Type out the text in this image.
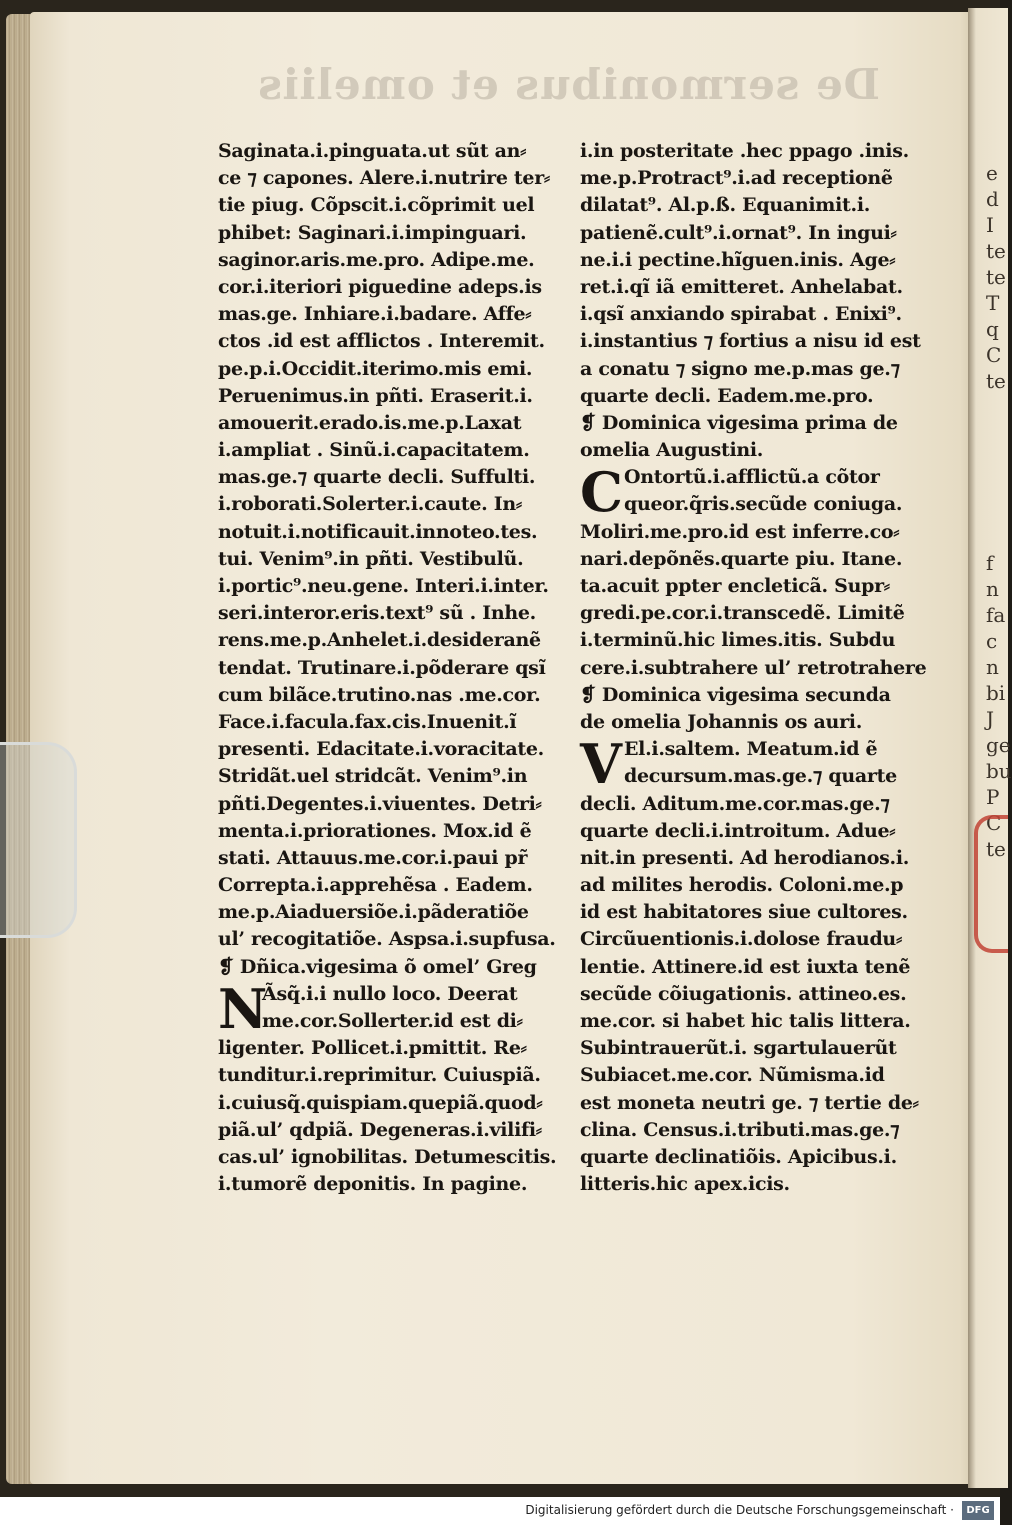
e
d
I
te
te
T
q
C
te
f
n
fa
c
n
bi
J
ge
bu
P
C
te
De sermonibus et omeliis
Saginata.i.pinguata.ut sũt an⸗
ce ⁊ capones. Alere.i.nutrire ter⸗
tie piug. Cõpscit.i.cõprimit uel
phibet: Saginari.i.impinguari.
saginor.aris.me.pro. Adipe.me.
cor.i.iteriori piguedine adeps.is
mas.ge. Inhiare.i.badare. Affe⸗
ctos .id est afflictos . Interemit.
pe.p.i.Occidit.iterimo.mis emi.
Peruenimus.in pñti. Eraserit.i.
amouerit.erado.is.me.p.Laxat
i.ampliat . Sinũ.i.capacitatem.
mas.ge.⁊ quarte decli. Suffulti.
i.roborati.Solerter.i.caute. In⸗
notuit.i.notificauit.innoteo.tes.
tui. Venim⁹.in pñti. Vestibulũ.
i.portic⁹.neu.gene. Interi.i.inter.
seri.interor.eris.text⁹ sũ . Inhe.
rens.me.p.Anhelet.i.desideranẽ
tendat. Trutinare.i.põderare qsĩ
cum bilãce.trutino.nas .me.cor.
Face.i.facula.fax.cis.Inuenit.ĩ
presenti. Edacitate.i.voracitate.
Stridãt.uel stridcãt. Venim⁹.in
pñti.Degentes.i.viuentes. Detri⸗
menta.i.priorationes. Mox.id ẽ
stati. Attauus.me.cor.i.paui pr̃
Correpta.i.apprehẽsa . Eadem.
me.p.Aiaduersiõe.i.pãderatiõe
ul’ recogitatiõe. Aspsa.i.supfusa.
❡ Dñica.vigesima õ omel’ Greg
N
Ãsq̃.i.i nullo loco. Deerat
me.cor.Sollerter.id est di⸗
ligenter. Pollicet.i.pmittit. Re⸗
tunditur.i.reprimitur. Cuiuspiã.
i.cuiusq̃.quispiam.quepiã.quod⸗
piã.ul’ qdpiã. Degeneras.i.vilifi⸗
cas.ul’ ignobilitas. Detumescitis.
i.tumorẽ deponitis. In pagine.
i.in posteritate .hec ppago .inis.
me.p.Protract⁹.i.ad receptionẽ
dilatat⁹. Al.p.ß. Equanimit.i.
patienẽ.cult⁹.i.ornat⁹. In ingui⸗
ne.i.i pectine.hĩguen.inis. Age⸗
ret.i.qĩ iã emitteret. Anhelabat.
i.qsĩ anxiando spirabat . Enixi⁹.
i.instantius ⁊ fortius a nisu id est
a conatu ⁊ signo me.p.mas ge.⁊
quarte decli. Eadem.me.pro.
❡ Dominica vigesima prima de
omelia Augustini.
C Ontortũ.i.afflictũ.a cõtor
queor.q̃ris.secũde coniuga.
Moliri.me.pro.id est inferre.co⸗
nari.depõnẽs.quarte piu. Itane.
ta.acuit ppter encleticã. Supr⸗
gredi.pe.cor.i.transcedẽ. Limitẽ
i.terminũ.hic limes.itis. Subdu
cere.i.subtrahere ul’ retrotrahere
❡ Dominica vigesima secunda
de omelia Johannis os auri.
V El.i.saltem. Meatum.id ẽ
decursum.mas.ge.⁊ quarte
decli. Aditum.me.cor.mas.ge.⁊
quarte decli.i.introitum. Adue⸗
nit.in presenti. Ad herodianos.i.
ad milites herodis. Coloni.me.p
id est habitatores siue cultores.
Circũuentionis.i.dolose fraudu⸗
lentie. Attinere.id est iuxta tenẽ
secũde cõiugationis. attineo.es.
me.cor. si habet hic talis littera.
Subintrauerũt.i. sgartulauerũt
Subiacet.me.cor. Nũmisma.id
est moneta neutri ge. ⁊ tertie de⸗
clina. Census.i.tributi.mas.ge.⁊
quarte declinatiõis. Apicibus.i.
litteris.hic apex.icis.
Digitalisierung gefördert durch die Deutsche Forschungsgemeinschaft ·	DFG
